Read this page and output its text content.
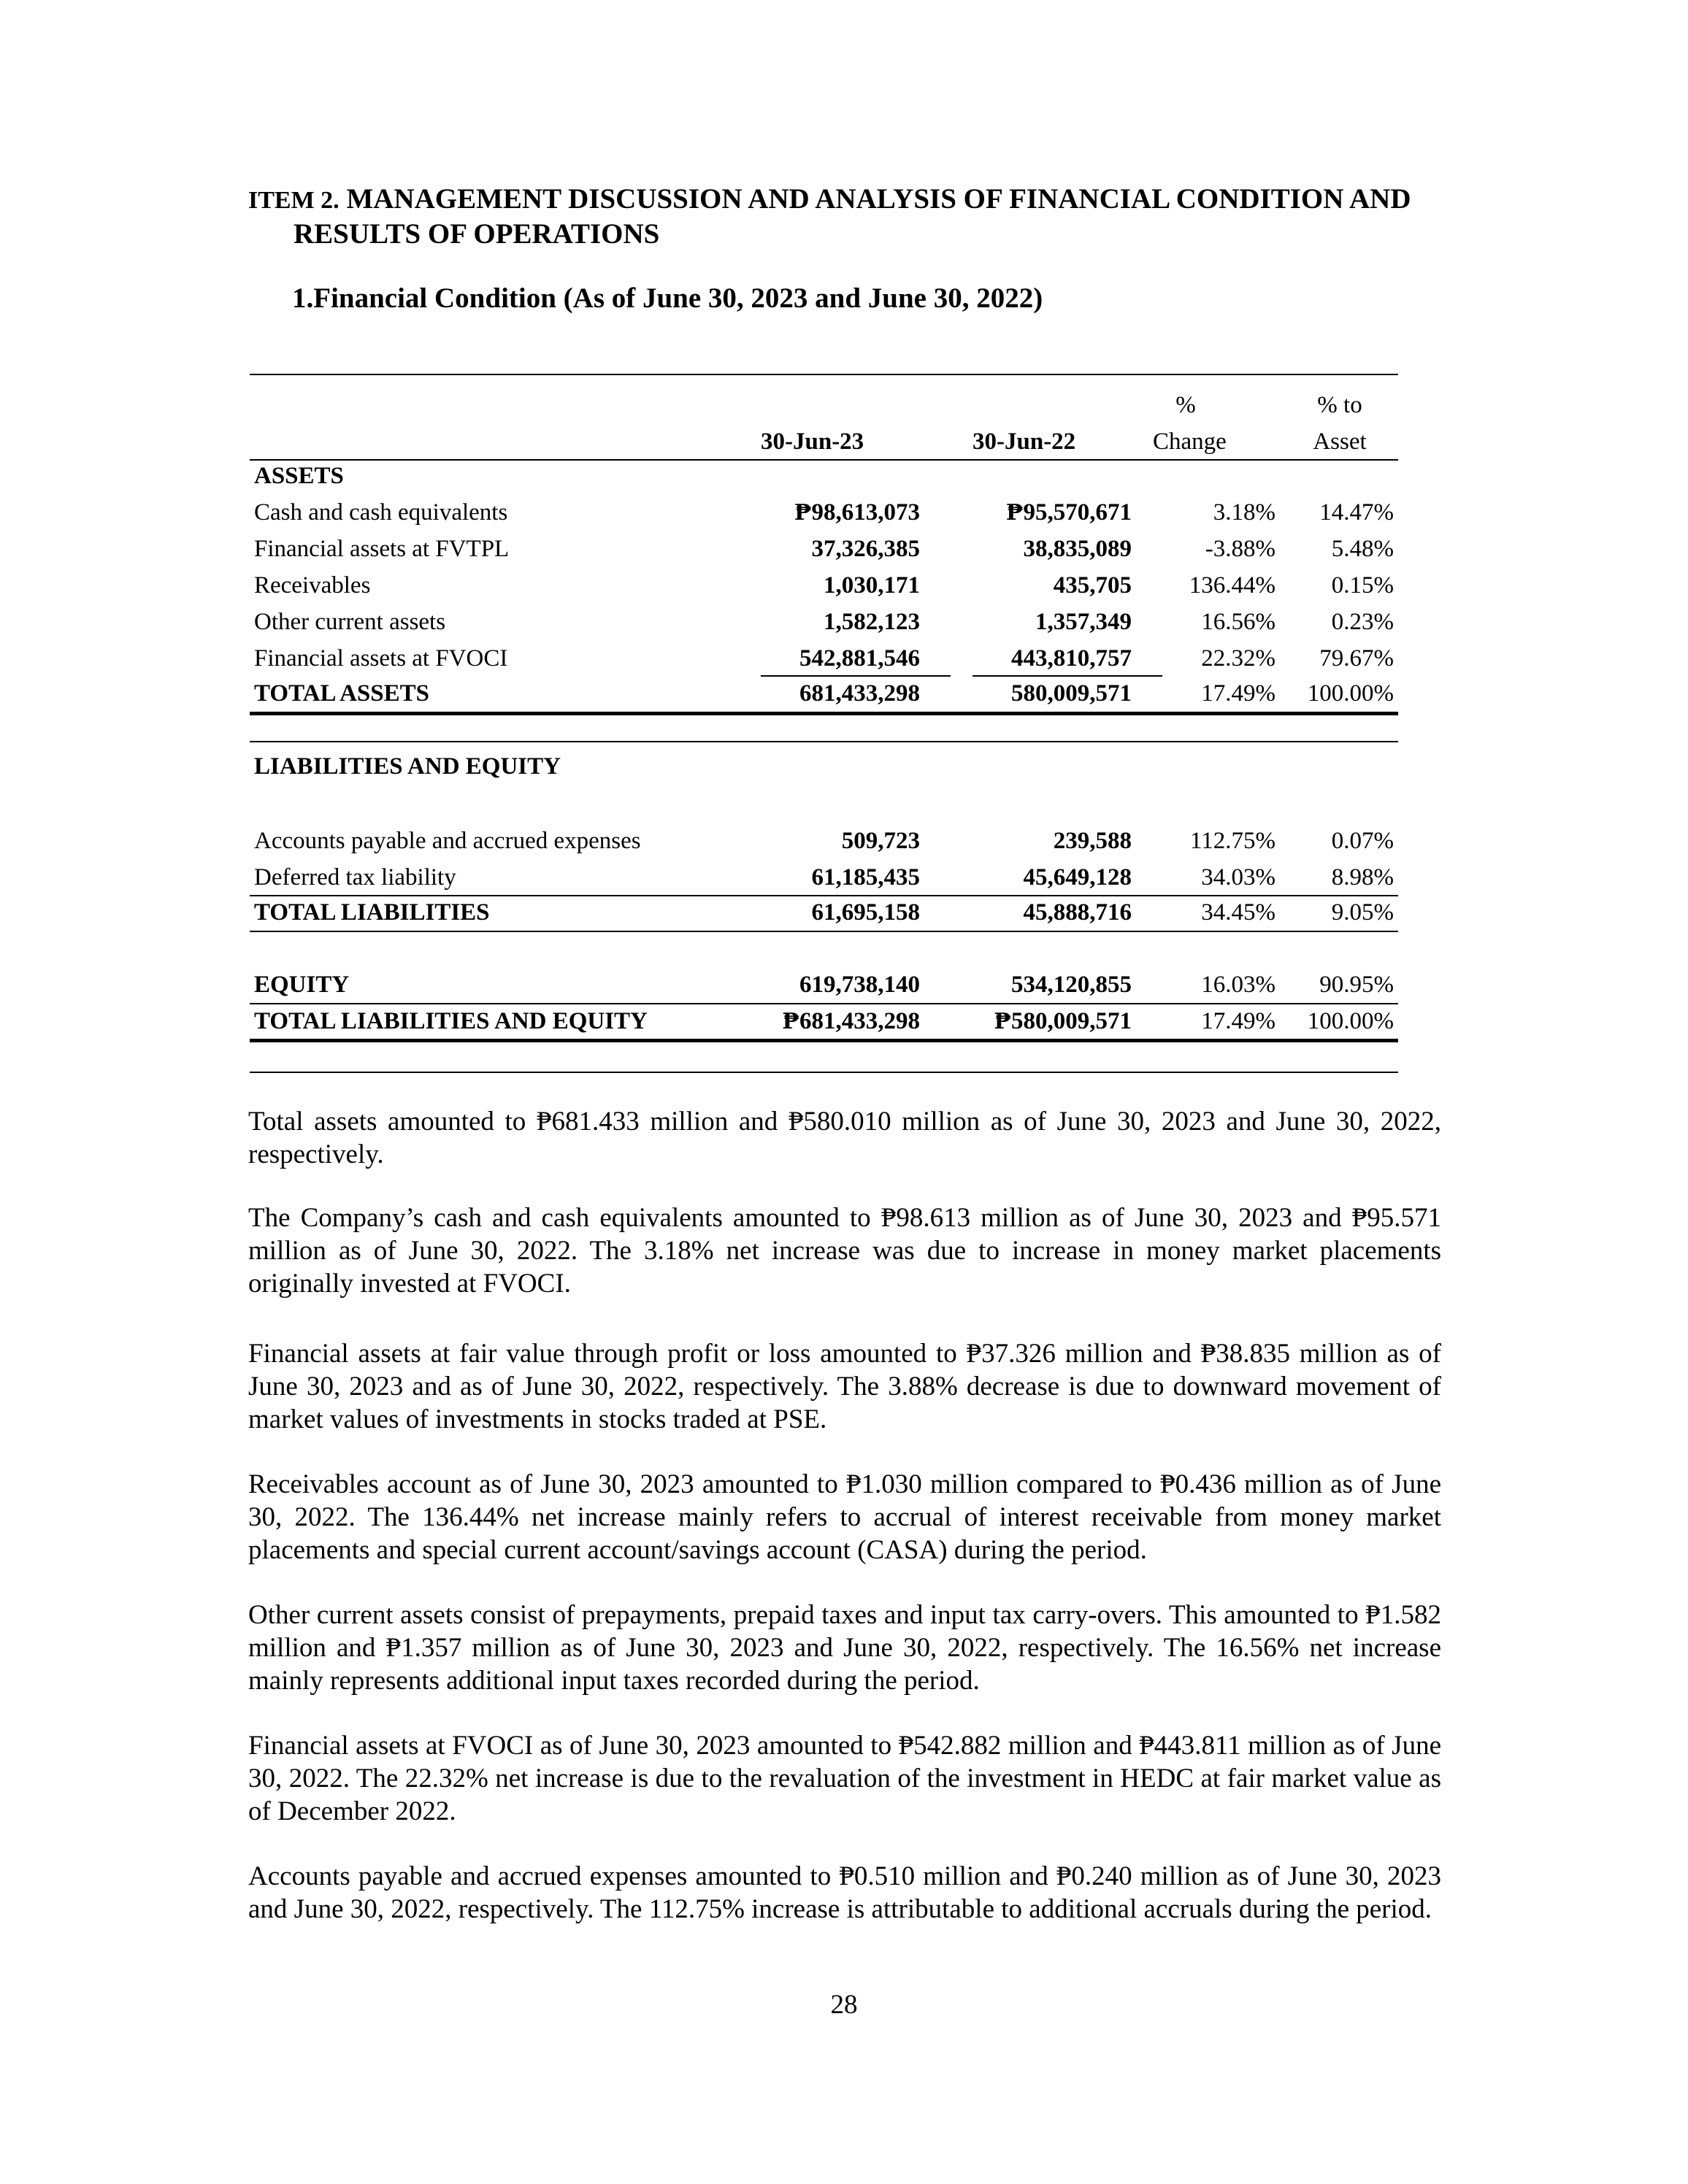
ITEM 2. MANAGEMENT DISCUSSION AND ANALYSIS OF FINANCIAL CONDITION AND
RESULTS OF OPERATIONS
1.Financial Condition (As of June 30, 2023 and June 30, 2022)
%	% to
30-Jun-23	30-Jun-22	Change	Asset
ASSETS
Cash and cash equivalents	₱98,613,073	₱95,570,671	3.18% 14.47%
Financial assets at FVTPL	37,326,385	38,835,089	-3.88% 5.48%
Receivables	1,030,171	435,705 136.44% 0.15%
Other current assets	1,582,123	1,357,349	16.56% 0.23%
Financial assets at FVOCI	542,881,546	443,810,757	22.32% 79.67%
TOTAL ASSETS	681,433,298	580,009,571	17.49% 100.00%
LIABILITIES AND EQUITY
Accounts payable and accrued expenses	509,723	239,588 112.75% 0.07%
Deferred tax liability	61,185,435	45,649,128	34.03% 8.98%
TOTAL LIABILITIES	61,695,158	45,888,716	34.45% 9.05%
EQUITY	619,738,140	534,120,855	16.03% 90.95%
TOTAL LIABILITIES AND EQUITY	₱681,433,298	₱580,009,571	17.49% 100.00%
Total assets amounted to ₱681.433 million and ₱580.010 million as of June 30, 2023 and June 30, 2022, respectively.
The Company’s cash and cash equivalents amounted to ₱98.613 million as of June 30, 2023 and ₱95.571 million as of June 30, 2022. The 3.18% net increase was due to increase in money market placements originally invested at FVOCI.
Financial assets at fair value through profit or loss amounted to ₱37.326 million and ₱38.835 million as of June 30, 2023 and as of June 30, 2022, respectively. The 3.88% decrease is due to downward movement of market values of investments in stocks traded at PSE.
Receivables account as of June 30, 2023 amounted to ₱1.030 million compared to ₱0.436 million as of June 30, 2022. The 136.44% net increase mainly refers to accrual of interest receivable from money market placements and special current account/savings account (CASA) during the period.
Other current assets consist of prepayments, prepaid taxes and input tax carry-overs. This amounted to ₱1.582 million and ₱1.357 million as of June 30, 2023 and June 30, 2022, respectively. The 16.56% net increase mainly represents additional input taxes recorded during the period.
Financial assets at FVOCI as of June 30, 2023 amounted to ₱542.882 million and ₱443.811 million as of June 30, 2022. The 22.32% net increase is due to the revaluation of the investment in HEDC at fair market value as of December 2022.
Accounts payable and accrued expenses amounted to ₱0.510 million and ₱0.240 million as of June 30, 2023 and June 30, 2022, respectively. The 112.75% increase is attributable to additional accruals during the period.
28
